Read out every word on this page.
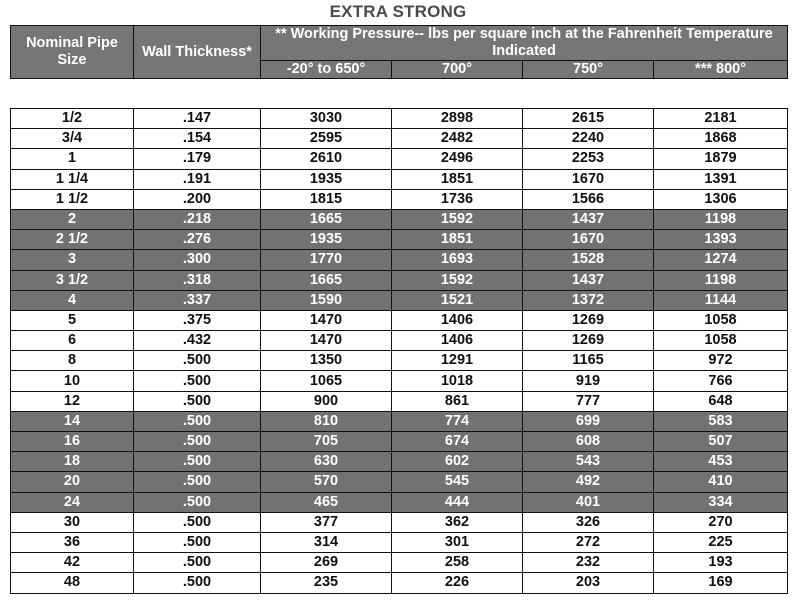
EXTRA STRONG
Nominal Pipe Size	Wall Thickness*	** Working Pressure-- lbs per square inch at the Fahrenheit Temperature Indicated			
		-20° to 650°	700°	750°	*** 800°
1/2	.147	3030	2898	2615	2181
3/4	.154	2595	2482	2240	1868
1	.179	2610	2496	2253	1879
1 1/4	.191	1935	1851	1670	1391
1 1/2	.200	1815	1736	1566	1306
2	.218	1665	1592	1437	1198
2 1/2	.276	1935	1851	1670	1393
3	.300	1770	1693	1528	1274
3 1/2	.318	1665	1592	1437	1198
4	.337	1590	1521	1372	1144
5	.375	1470	1406	1269	1058
6	.432	1470	1406	1269	1058
8	.500	1350	1291	1165	972
10	.500	1065	1018	919	766
12	.500	900	861	777	648
14	.500	810	774	699	583
16	.500	705	674	608	507
18	.500	630	602	543	453
20	.500	570	545	492	410
24	.500	465	444	401	334
30	.500	377	362	326	270
36	.500	314	301	272	225
42	.500	269	258	232	193
48	.500	235	226	203	169
